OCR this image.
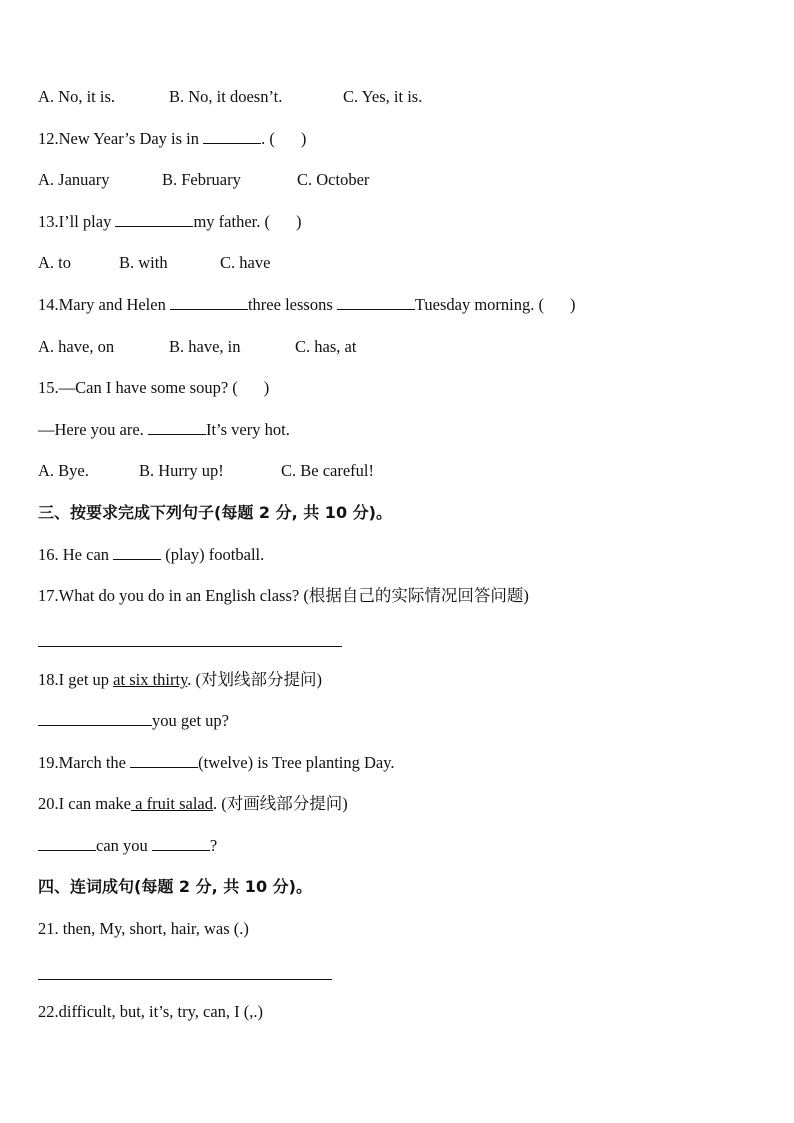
A. No, it is.	B. No, it doesn’t.	C. Yes, it is.
12.New Year’s Day is in	. ( )
A. January	B. February	C. October
13.I’ll play	my father. ( )
A. to	B. with	C. have
14.Mary and Helen	three lessons	Tuesday morning. ( )
A. have, on	B. have, in	C. has, at
15.—Can I have some soup? ( )
—Here you are.	It’s very hot.
A. Bye.	B. Hurry up!	C. Be careful!
三、按要求完成下列句子(每题 2 分, 共 10 分)。
16. He can	(play) football.
17.What do you do in an English class? (根据自己的实际情况回答问题)
18.I get up at six thirty. (对划线部分提问)
you get up?
19.March the	(twelve) is Tree planting Day.
20.I can make a fruit salad. (对画线部分提问)
can you	?
四、连词成句(每题 2 分, 共 10 分)。
21. then, My, short, hair, was (.)
22.difficult, but, it’s, try, can, I (,.)
